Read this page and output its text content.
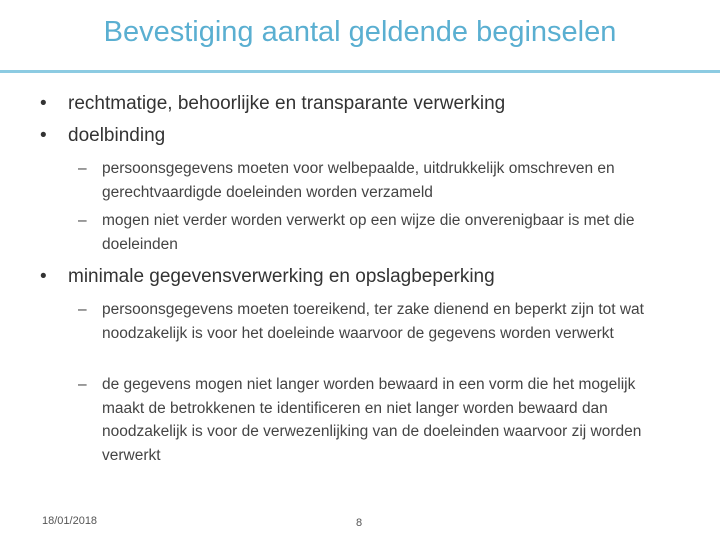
Bevestiging aantal geldende beginselen
• rechtmatige, behoorlijke en transparante verwerking
• doelbinding
– persoonsgegevens moeten voor welbepaalde, uitdrukkelijk omschreven en gerechtvaardigde doeleinden worden verzameld
– mogen niet verder worden verwerkt op een wijze die onverenigbaar is met die doeleinden
• minimale gegevensverwerking en opslagbeperking
– persoonsgegevens moeten toereikend, ter zake dienend en beperkt zijn tot wat noodzakelijk is voor het doeleinde waarvoor de gegevens worden verwerkt
– de gegevens mogen niet langer worden bewaard in een vorm die het mogelijk maakt de betrokkenen te identificeren en niet langer worden bewaard dan noodzakelijk is voor de verwezenlijking van de doeleinden waarvoor zij worden verwerkt
18/01/2018	8
